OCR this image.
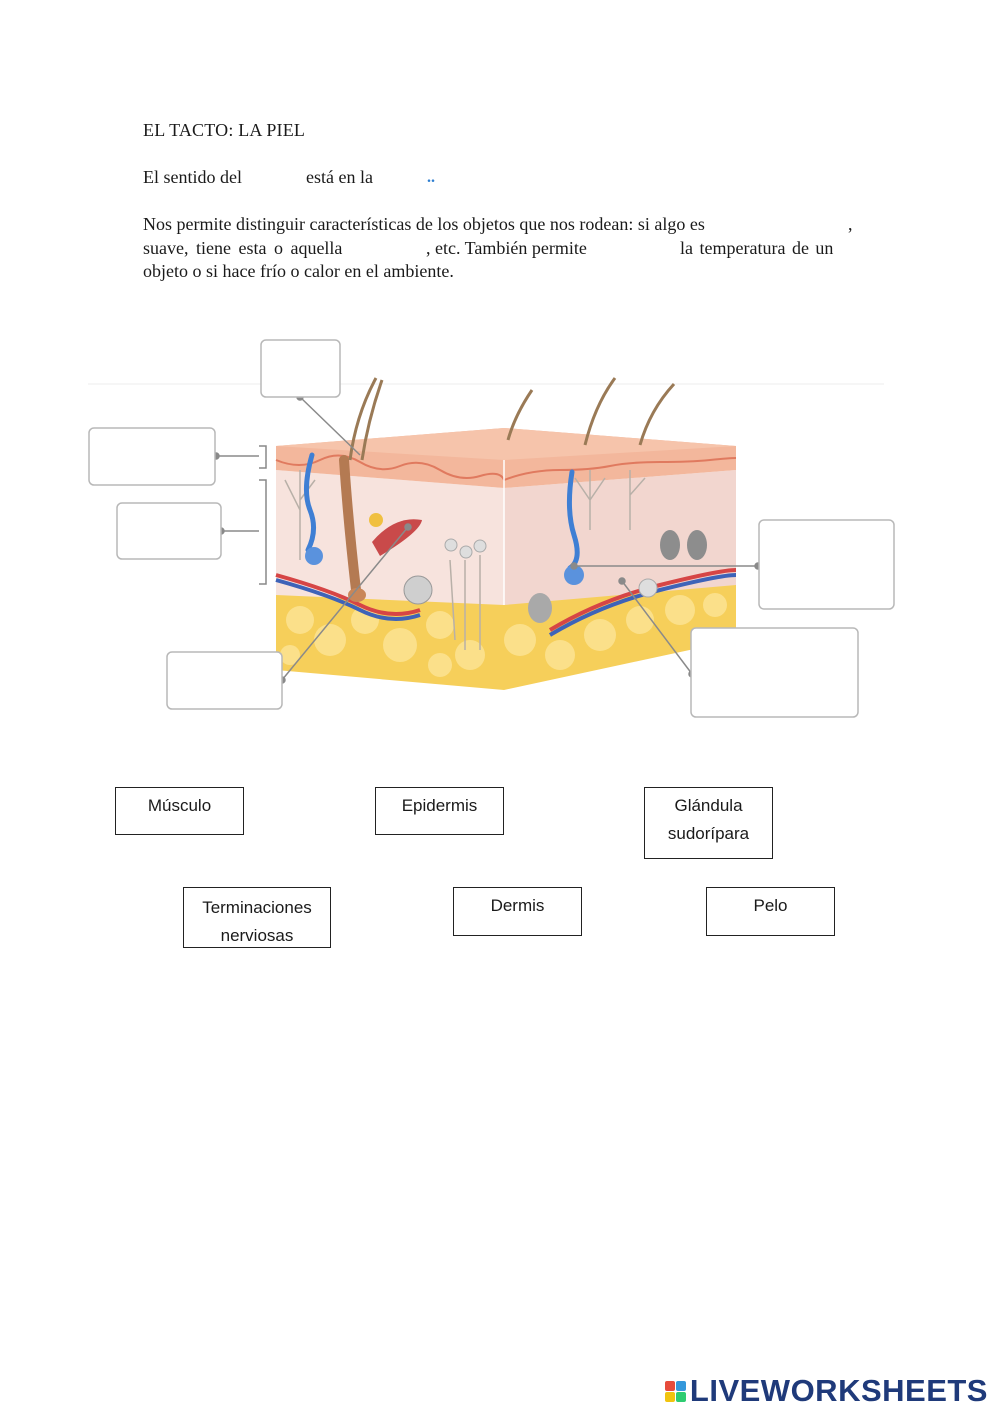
EL TACTO: LA PIEL
El sentido del	está en la	..
Nos permite distinguir características de los objetos que nos rodean: si algo es	,
suave, tiene esta o aquella	, etc. También permite	la temperatura de un
objeto o si hace frío o calor en el ambiente.
Músculo	Epidermis	Glándula sudorípara
Terminaciones nerviosas
Dermis	Pelo
LIVEWORKSHEETS
